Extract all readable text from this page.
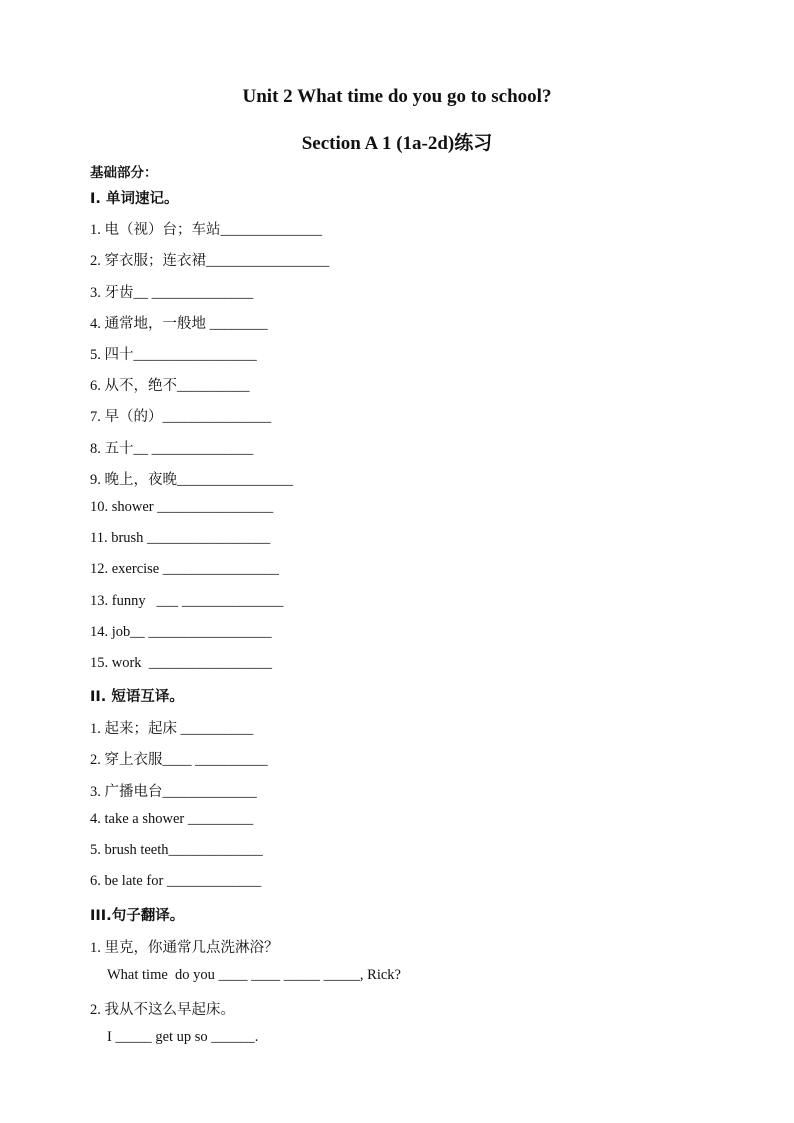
Unit 2 What time do you go to school?
Section A 1 (1a-2d)练习
基础部分：
I. 单词速记。
1. 电（视）台；车站______________
2. 穿衣服；连衣裙_________________
3. 牙齿__ ______________
4. 通常地，一般地 ________
5. 四十_________________
6. 从不，绝不__________
7. 早（的）_______________
8. 五十__ ______________
9. 晚上，夜晚________________
10. shower ________________
11. brush _________________
12. exercise ________________
13. funny   ___ ______________
14. job__ _________________
15. work  _________________
II. 短语互译。
1. 起来；起床 __________
2. 穿上衣服____ __________
3. 广播电台_____________
4. take a shower _________
5. brush teeth_____________
6. be late for _____________
III.句子翻译。
1. 里克，你通常几点洗淋浴？
What time  do you ____ ____ _____ _____, Rick?
2. 我从不这么早起床。
I _____ get up so ______.
